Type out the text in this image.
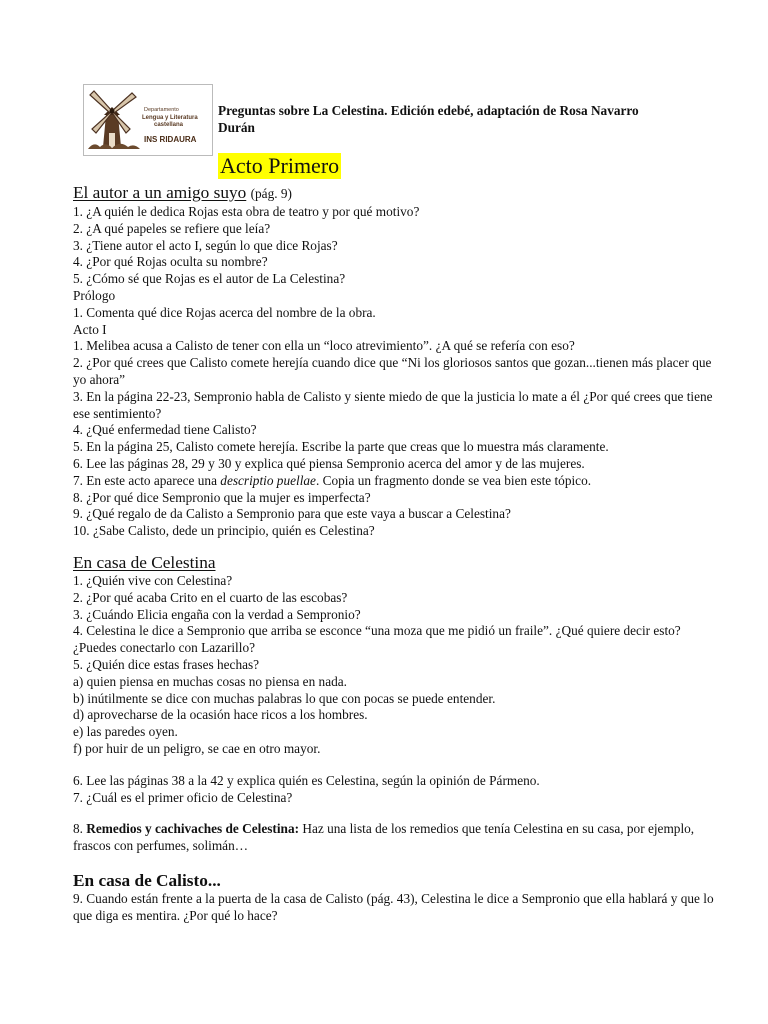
Departamento
Lengua y Literatura
castellana
INS RIDAURA
Preguntas sobre La Celestina. Edición edebé, adaptación de Rosa Navarro Durán
Acto Primero

El autor a un amigo suyo (pág. 9)

1. ¿A quién le dedica Rojas esta obra de teatro y por qué motivo?

2. ¿A qué papeles se refiere que leía?

3. ¿Tiene autor el acto I, según lo que dice Rojas?

4. ¿Por qué Rojas oculta su nombre?

5. ¿Cómo sé que Rojas es el autor de La Celestina?

Prólogo

1. Comenta qué dice Rojas acerca del nombre de la obra.

Acto I

1. Melibea acusa a Calisto de tener con ella un “loco atrevimiento”. ¿A qué se refería con eso?

2. ¿Por qué crees que Calisto comete herejía cuando dice que “Ni los gloriosos santos que gozan...tienen más placer que yo ahora”

3. En la página 22-23, Sempronio habla de Calisto y siente miedo de que la justicia lo mate a él ¿Por qué crees que tiene ese sentimiento?

4. ¿Qué enfermedad tiene Calisto?

5. En la página 25, Calisto comete herejía. Escribe la parte que creas que lo muestra más claramente.

6. Lee las páginas 28, 29 y 30 y explica qué piensa Sempronio acerca del amor y de las mujeres.

7. En este acto aparece una descriptio puellae. Copia un fragmento donde se vea bien este tópico.

8. ¿Por qué dice Sempronio que la mujer es imperfecta?

9. ¿Qué regalo de da Calisto a Sempronio para que este vaya a buscar a Celestina?

10. ¿Sabe Calisto, dede un principio, quién es Celestina?

En casa de Celestina

1. ¿Quién vive con Celestina?

2. ¿Por qué acaba Crito en el cuarto de las escobas?

3. ¿Cuándo Elicia engaña con la verdad a Sempronio?

4. Celestina le dice a Sempronio que arriba se esconce “una moza que me pidió un fraile”. ¿Qué quiere decir esto? ¿Puedes conectarlo con Lazarillo?

5. ¿Quién dice estas frases hechas?

a) quien piensa en muchas cosas no piensa en nada.

b) inútilmente se dice con muchas palabras lo que con pocas se puede entender.

d) aprovecharse de la ocasión hace ricos a los hombres.

e) las paredes oyen.

f) por huir de un peligro, se cae en otro mayor.

6. Lee las páginas 38 a la 42 y explica quién es Celestina, según la opinión de Pármeno.

7. ¿Cuál es el primer oficio de Celestina?

8. Remedios y cachivaches de Celestina: Haz una lista de los remedios que tenía Celestina en su casa, por ejemplo, frascos con perfumes, solimán…

En casa de Calisto...

9. Cuando están frente a la puerta de la casa de Calisto (pág. 43), Celestina le dice a Sempronio que ella hablará y que lo que diga es mentira. ¿Por qué lo hace?
